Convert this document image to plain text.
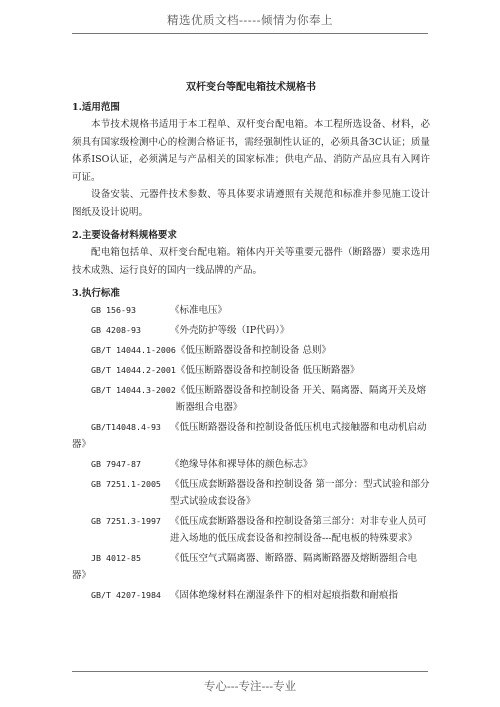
精选优质文档-----倾情为你奉上
双杆变台等配电箱技术规格书
1.适用范围

本节技术规格书适用于本工程单、双杆变台配电箱。本工程所选设备、材料，必须具有国家级检测中心的检测合格证书，需经强制性认证的，必须具备3C认证；质量体系ISO认证，必须满足与产品相关的国家标准；供电产品、消防产品应具有入网许可证。

设备安装、元器件技术参数、等具体要求请遵照有关规范和标准并参见施工设计图纸及设计说明。

2.主要设备材料规格要求

配电箱包括单、双杆变台配电箱。箱体内开关等重要元器件（断路器）要求选用技术成熟、运行良好的国内一线品牌的产品。

3.执行标准
GB 156-93	《标准电压》
GB 4208-93	《外壳防护等级（IP代码）》
GB/T 14044.1-2006 《低压断路器设备和控制设备 总则》
GB/T 14044.2-2001 《低压断路器设备和控制设备 低压断路器》
GB/T 14044.3-2002 《低压断路器设备和控制设备 开关、隔离器、隔离开关及熔断器组合电器》
GB/T14048.4-93 《低压断路器设备和控制设备低压机电式接触器和电动机启动器》
GB 7947-87	《绝缘导体和裸导体的颜色标志》
GB 7251.1-2005 《低压成套断路器设备和控制设备 第一部分：型式试验和部分型式试验成套设备》
GB 7251.3-1997 《低压成套断路器设备和控制设备第三部分：对非专业人员可进入场地的低压成套设备和控制设备---配电板的特殊要求》
JB 4012-85	《低压空气式隔离器、断路器、隔离断路器及熔断器组合电器》
GB/T 4207-1984 《固体绝缘材料在潮湿条件下的相对起痕指数和耐痕指
专心---专注---专业
